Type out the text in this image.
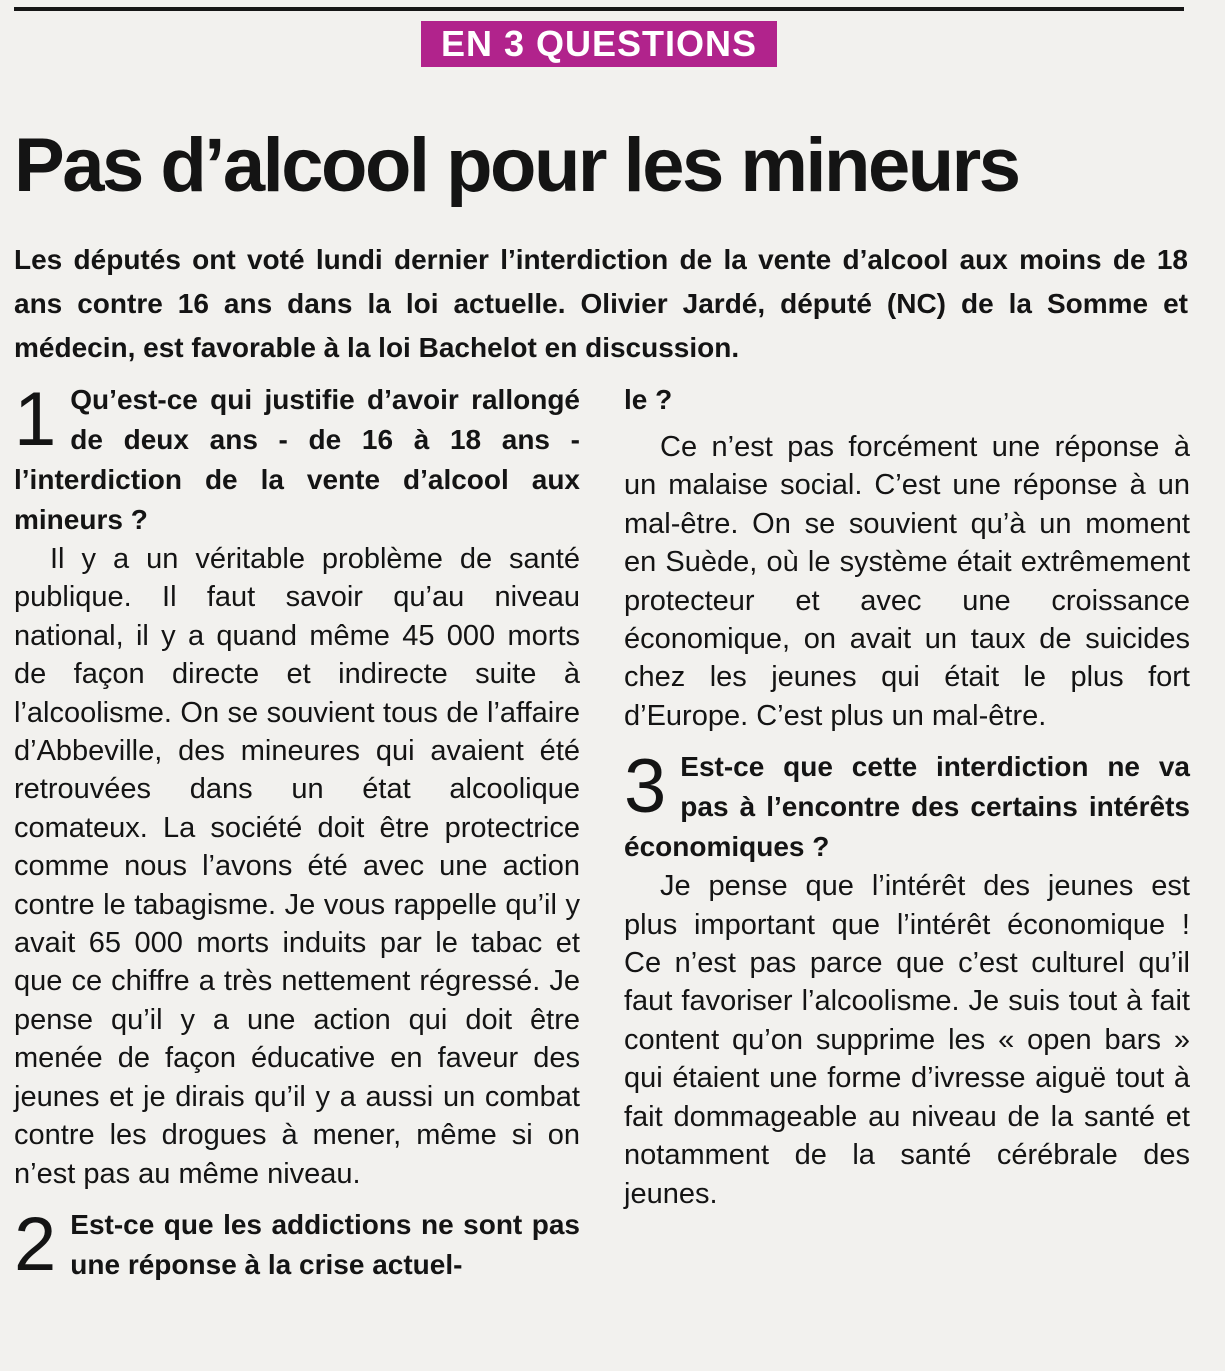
EN 3 QUESTIONS
Pas d’alcool pour les mineurs

Les députés ont voté lundi dernier l’interdiction de la vente d’alcool aux moins de 18 ans contre 16 ans dans la loi actuelle. Olivier Jardé, député (NC) de la Somme et médecin, est favorable à la loi Bachelot en discussion.

1 Qu’est-ce qui justifie d’avoir rallongé de deux ans - de 16 à 18 ans - l’interdiction de la vente d’alcool aux mineurs ?

Il y a un véritable problème de santé publique. Il faut savoir qu’au niveau national, il y a quand même 45 000 morts de façon directe et indirecte suite à l’alcoolisme. On se souvient tous de l’affaire d’Abbeville, des mineures qui avaient été retrouvées dans un état alcoolique comateux. La société doit être protectrice comme nous l’avons été avec une action contre le tabagisme. Je vous rappelle qu’il y avait 65 000 morts induits par le tabac et que ce chiffre a très nettement régressé. Je pense qu’il y a une action qui doit être menée de façon éducative en faveur des jeunes et je dirais qu’il y a aussi un combat contre les drogues à mener, même si on n’est pas au même niveau.

2 Est-ce que les addictions ne sont pas une réponse à la crise actuel-
le ?

Ce n’est pas forcément une réponse à un malaise social. C’est une réponse à un mal-être. On se souvient qu’à un moment en Suède, où le système était extrêmement protecteur et avec une croissance économique, on avait un taux de suicides chez les jeunes qui était le plus fort d’Europe. C’est plus un mal-être.

3 Est-ce que cette interdiction ne va pas à l’encontre des certains intérêts économiques ?

Je pense que l’intérêt des jeunes est plus important que l’intérêt économique ! Ce n’est pas parce que c’est culturel qu’il faut favoriser l’alcoolisme. Je suis tout à fait content qu’on supprime les « open bars » qui étaient une forme d’ivresse aiguë tout à fait dommageable au niveau de la santé et notamment de la santé cérébrale des jeunes.
